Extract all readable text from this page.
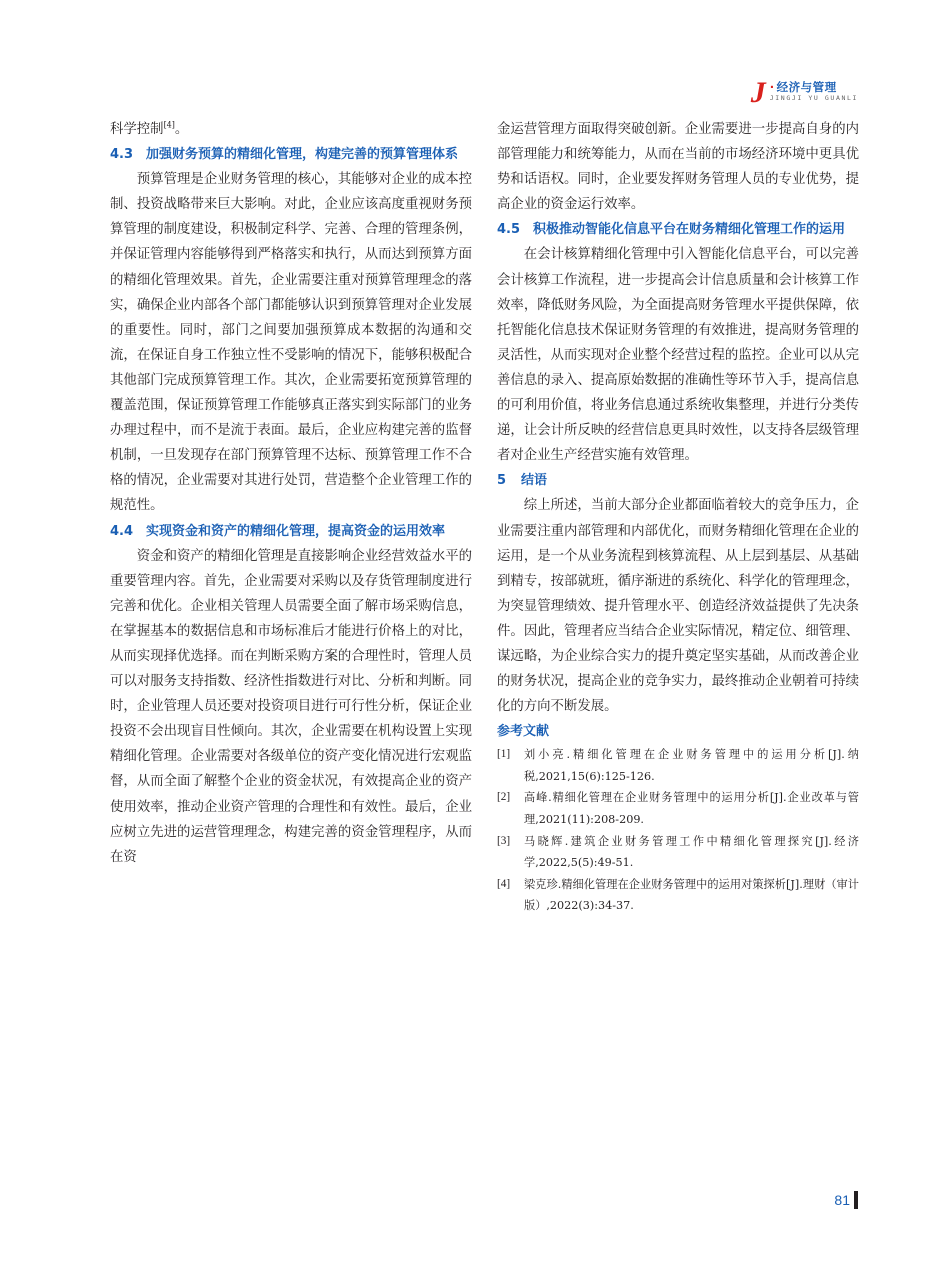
J · 经济与管理
JINGJI YU GUANLI

科学控制[4]。

4.3 加强财务预算的精细化管理，构建完善的预算管理体系

预算管理是企业财务管理的核心，其能够对企业的成本控制、投资战略带来巨大影响。对此，企业应该高度重视财务预算管理的制度建设，积极制定科学、完善、合理的管理条例，并保证管理内容能够得到严格落实和执行，从而达到预算方面的精细化管理效果。首先，企业需要注重对预算管理理念的落实，确保企业内部各个部门都能够认识到预算管理对企业发展的重要性。同时，部门之间要加强预算成本数据的沟通和交流，在保证自身工作独立性不受影响的情况下，能够积极配合其他部门完成预算管理工作。其次，企业需要拓宽预算管理的覆盖范围，保证预算管理工作能够真正落实到实际部门的业务办理过程中，而不是流于表面。最后，企业应构建完善的监督机制，一旦发现存在部门预算管理不达标、预算管理工作不合格的情况，企业需要对其进行处罚，营造整个企业管理工作的规范性。

4.4 实现资金和资产的精细化管理，提高资金的运用效率

资金和资产的精细化管理是直接影响企业经营效益水平的重要管理内容。首先，企业需要对采购以及存货管理制度进行完善和优化。企业相关管理人员需要全面了解市场采购信息，在掌握基本的数据信息和市场标准后才能进行价格上的对比，从而实现择优选择。而在判断采购方案的合理性时，管理人员可以对服务支持指数、经济性指数进行对比、分析和判断。同时，企业管理人员还要对投资项目进行可行性分析，保证企业投资不会出现盲目性倾向。其次，企业需要在机构设置上实现精细化管理。企业需要对各级单位的资产变化情况进行宏观监督，从而全面了解整个企业的资金状况，有效提高企业的资产使用效率，推动企业资产管理的合理性和有效性。最后，企业应树立先进的运营管理理念，构建完善的资金管理程序，从而在资

金运营管理方面取得突破创新。企业需要进一步提高自身的内部管理能力和统筹能力，从而在当前的市场经济环境中更具优势和话语权。同时，企业要发挥财务管理人员的专业优势，提高企业的资金运行效率。

4.5 积极推动智能化信息平台在财务精细化管理工作的运用

在会计核算精细化管理中引入智能化信息平台，可以完善会计核算工作流程，进一步提高会计信息质量和会计核算工作效率，降低财务风险，为全面提高财务管理水平提供保障，依托智能化信息技术保证财务管理的有效推进，提高财务管理的灵活性，从而实现对企业整个经营过程的监控。企业可以从完善信息的录入、提高原始数据的准确性等环节入手，提高信息的可利用价值，将业务信息通过系统收集整理，并进行分类传递，让会计所反映的经营信息更具时效性，以支持各层级管理者对企业生产经营实施有效管理。

5 结语

综上所述，当前大部分企业都面临着较大的竞争压力，企业需要注重内部管理和内部优化，而财务精细化管理在企业的运用，是一个从业务流程到核算流程、从上层到基层、从基础到精专，按部就班，循序渐进的系统化、科学化的管理理念，为突显管理绩效、提升管理水平、创造经济效益提供了先决条件。因此，管理者应当结合企业实际情况，精定位、细管理、谋远略，为企业综合实力的提升奠定坚实基础，从而改善企业的财务状况，提高企业的竞争实力，最终推动企业朝着可持续化的方向不断发展。

参考文献
[1]	刘小亮.精细化管理在企业财务管理中的运用分析[J].纳税,2021,15(6):125-126.
[2]	高峰.精细化管理在企业财务管理中的运用分析[J].企业改革与管理,2021(11):208-209.
[3]	马晓辉.建筑企业财务管理工作中精细化管理探究[J].经济学,2022,5(5):49-51.
[4]	梁克珍.精细化管理在企业财务管理中的运用对策探析[J].理财（审计版）,2022(3):34-37.
81
